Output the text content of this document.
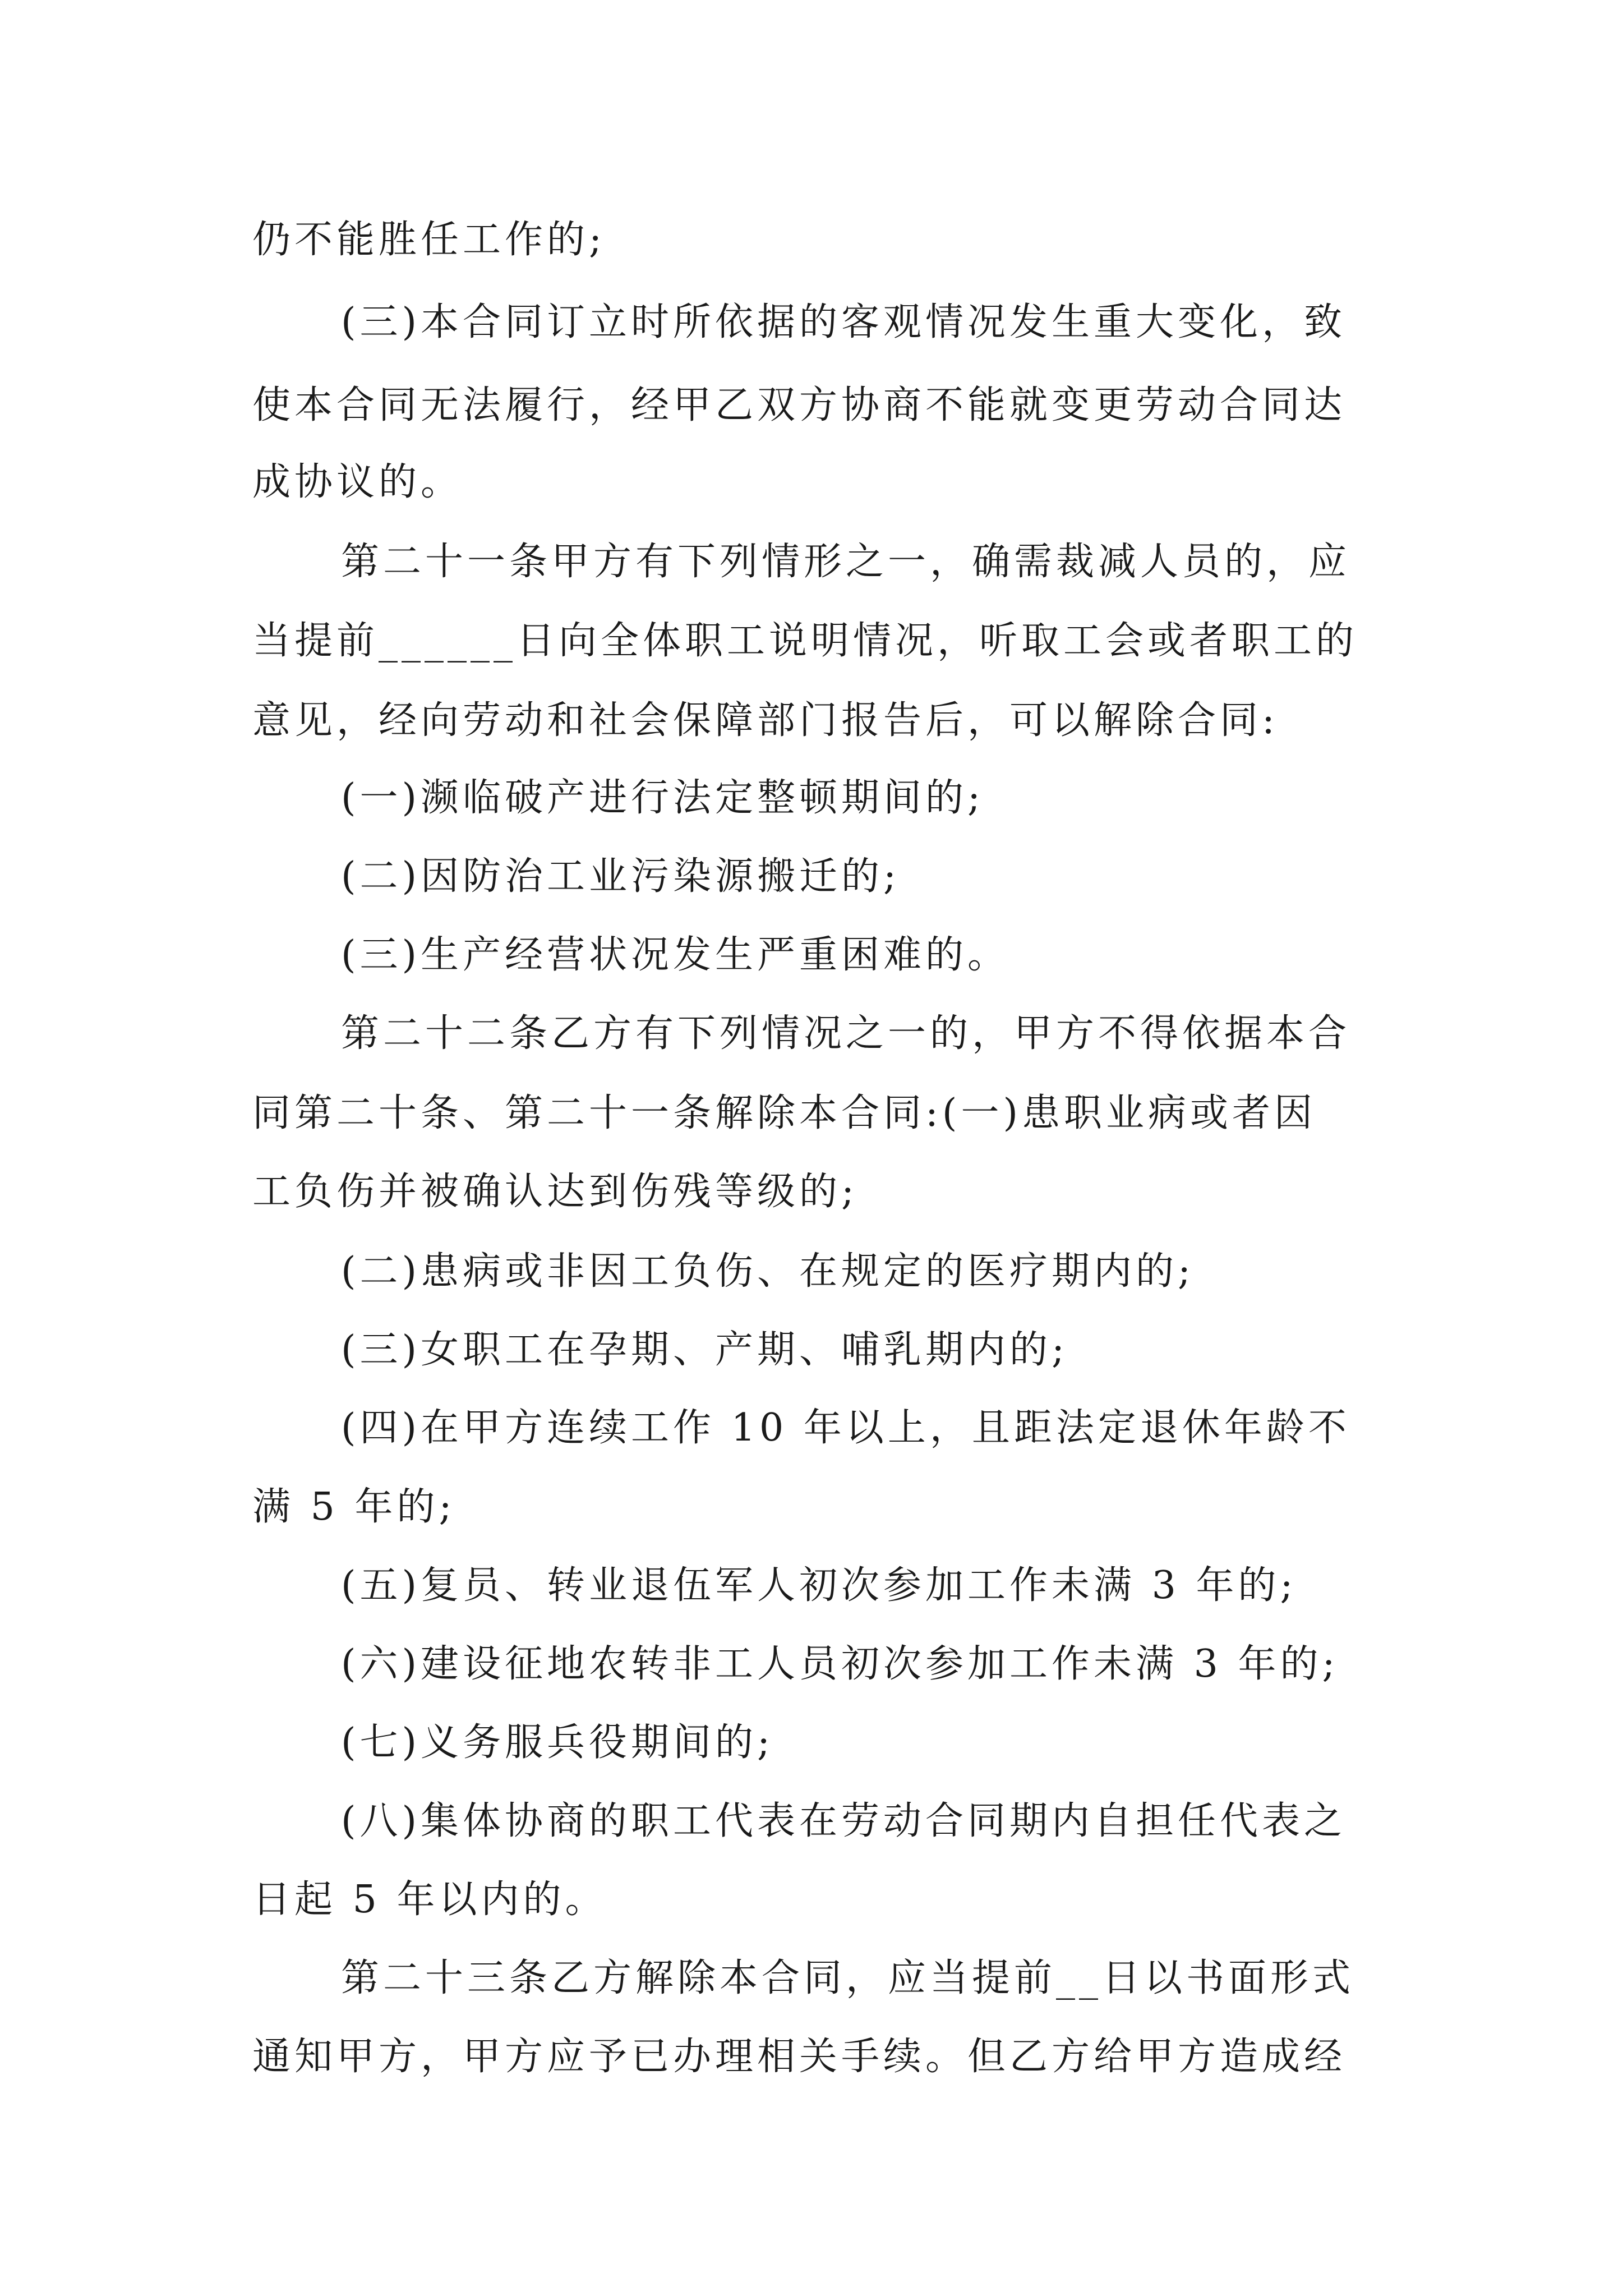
仍不能胜任工作的;
(三)本合同订立时所依据的客观情况发生重大变化，致
使本合同无法履行，经甲乙双方协商不能就变更劳动合同达
成协议的。
第二十一条甲方有下列情形之一，确需裁减人员的，应
当提前______日向全体职工说明情况，听取工会或者职工的
意见，经向劳动和社会保障部门报告后，可以解除合同:
(一)濒临破产进行法定整顿期间的;
(二)因防治工业污染源搬迁的;
(三)生产经营状况发生严重困难的。
第二十二条乙方有下列情况之一的，甲方不得依据本合
同第二十条、第二十一条解除本合同:(一)患职业病或者因
工负伤并被确认达到伤残等级的;
(二)患病或非因工负伤、在规定的医疗期内的;
(三)女职工在孕期、产期、哺乳期内的;
(四)在甲方连续工作 10 年以上，且距法定退休年龄不
满 5 年的;
(五)复员、转业退伍军人初次参加工作未满 3 年的;
(六)建设征地农转非工人员初次参加工作未满 3 年的;
(七)义务服兵役期间的;
(八)集体协商的职工代表在劳动合同期内自担任代表之
日起 5 年以内的。
第二十三条乙方解除本合同，应当提前__日以书面形式
通知甲方，甲方应予已办理相关手续。但乙方给甲方造成经
